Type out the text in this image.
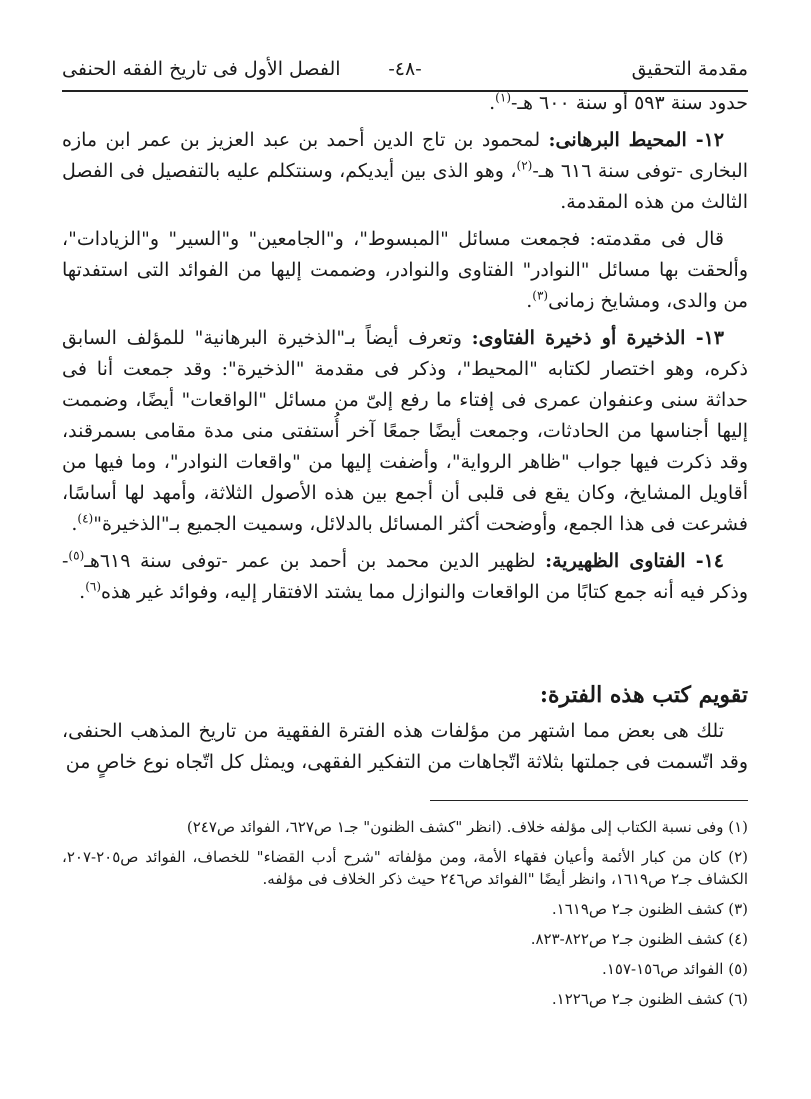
مقدمة التحقيق
-٤٨-
الفصل الأول فى تاريخ الفقه الحنفى

حدود سنة ٥٩٣ أو سنة ٦٠٠ هـ-$^{(١)}$.

١٢- المحيط البرهانى: لمحمود بن تاج الدين أحمد بن عبد العزيز بن عمر ابن مازه البخارى -توفى سنة ٦١٦ هـ-$^{(٢)}$، وهو الذى بين أيديكم، وسنتكلم عليه بالتفصيل فى الفصل الثالث من هذه المقدمة.

قال فى مقدمته: فجمعت مسائل "المبسوط"، و"الجامعين" و"السير" و"الزيادات"، وألحقت بها مسائل "النوادر" الفتاوى والنوادر، وضممت إليها من الفوائد التى استفدتها من والدى، ومشايخ زمانى$^{(٣)}$.

١٣- الذخيرة أو ذخيرة الفتاوى: وتعرف أيضاً بـ"الذخيرة البرهانية" للمؤلف السابق ذكره، وهو اختصار لكتابه "المحيط"، وذكر فى مقدمة "الذخيرة": وقد جمعت أنا فى حداثة سنى وعنفوان عمرى فى إفتاء ما رفع إلىّ من مسائل "الواقعات" أيضًا، وضممت إليها أجناسها من الحادثات، وجمعت أيضًا جمعًا آخر أُستفتى منى مدة مقامى بسمرقند، وقد ذكرت فيها جواب "ظاهر الرواية"، وأضفت إليها من "واقعات النوادر"، وما فيها من أقاويل المشايخ، وكان يقع فى قلبى أن أجمع بين هذه الأصول الثلاثة، وأمهد لها أساسًا، فشرعت فى هذا الجمع، وأوضحت أكثر المسائل بالدلائل، وسميت الجميع بـ"الذخيرة"$^{(٤)}$.

١٤- الفتاوى الظهيرية: لظهير الدين محمد بن أحمد بن عمر -توفى سنة ٦١٩هـ$^{(٥)}$- وذكر فيه أنه جمع كتابًا من الواقعات والنوازل مما يشتد الافتقار إليه، وفوائد غير هذه$^{(٦)}$.

تقويم كتب هذه الفترة:

تلك هى بعض مما اشتهر من مؤلفات هذه الفترة الفقهية من تاريخ المذهب الحنفى، وقد اتّسمت فى جملتها بثلاثة اتّجاهات من التفكير الفقهى، ويمثل كل اتّجاه نوع خاصٍ من

(١) وفى نسبة الكتاب إلى مؤلفه خلاف. (انظر "كشف الظنون" جـ١ ص٦٢٧، الفوائد ص٢٤٧)

(٢) كان من كبار الأئمة وأعيان فقهاء الأمة، ومن مؤلفاته "شرح أدب القضاء" للخصاف، الفوائد ص٢٠٥-٢٠٧، الكشاف جـ٢ ص١٦١٩، وانظر أيضًا "الفوائد ص٢٤٦ حيث ذكر الخلاف فى مؤلفه.

(٣) كشف الظنون جـ٢ ص١٦١٩.

(٤) كشف الظنون جـ٢ ص٨٢٢-٨٢٣.

(٥) الفوائد ص١٥٦-١٥٧.

(٦) كشف الظنون جـ٢ ص١٢٢٦.
